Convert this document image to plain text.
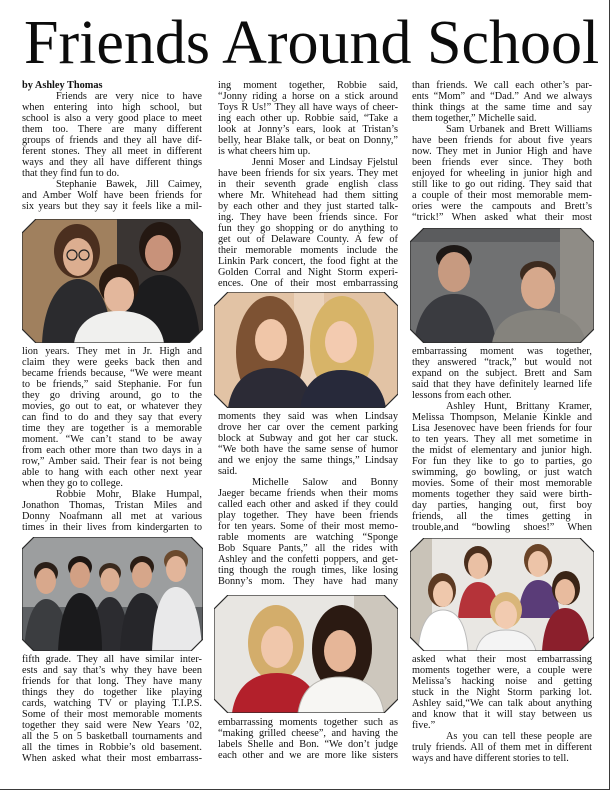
Friends Around School
by Ashley Thomas
Friends are very nice to have
when entering into high school, but
school is also a very good place to meet
them too. There are many different
groups of friends and they all have dif-
ferent stones. They all meet in different
ways and they all have different things
that they find fun to do.
Stephanie Bawek, Jill Caimey,
and Amber Wolf have been friends for
six years but they say it feels like a mil-
lion years. They met in Jr. High and
claim they were geeks back then and
became friends because, “We were meant
to be friends,” said Stephanie. For fun
they go driving around, go to the
movies, go out to eat, or whatever they
can find to do and they say that every
time they are together is a memorable
moment. “We can’t stand to be away
from each other more than two days in a
row,” Amber said. Their fear is not being
able to hang with each other next year
when they go to college.
Robbie Mohr, Blake Humpal,
Jonathon Thomas, Tristan Miles and
Donny Noafmann all met at various
times in their lives from kindergarten to
fifth grade. They all have similar inter-
ests and say that’s why they have been
friends for that long. They have many
things they do together like playing
cards, watching TV or playing T.I.P.S.
Some of their most memorable moments
together they said were New Years ’02,
all the 5 on 5 basketball tournaments and
all the times in Robbie’s old basement.
When asked what their most embarrass-
ing moment together, Robbie said,
“Jonny riding a horse on a stick around
Toys R Us!” They all have ways of cheer-
ing each other up. Robbie said, “Take a
look at Jonny’s ears, look at Tristan’s
belly, hear Blake talk, or beat on Donny,”
is what cheers him up.
Jenni Moser and Lindsay Fjelstul
have been friends for six years. They met
in their seventh grade english class
where Mr. Whitehead had them sitting
by each other and they just started talk-
ing. They have been friends since. For
fun they go shopping or do anything to
get out of Delaware County. A few of
their memorable moments include the
Linkin Park concert, the food fight at the
Golden Corral and Night Storm experi-
ences. One of their most embarrassing
moments they said was when Lindsay
drove her car over the cement parking
block at Subway and got her car stuck.
“We both have the same sense of humor
and we enjoy the same things,” Lindsay
said.
Michelle Salow and Bonny
Jaeger became friends when their moms
called each other and asked if they could
play together. They have been friends
for ten years. Some of their most memo-
rable moments are watching “Sponge
Bob Square Pants,” all the rides with
Ashley and the confetti poppers, and get-
ting though the rough times, like losing
Bonny’s mom. They have had many
embarrassing moments together such as
“making grilled cheese”, and having the
labels Shelle and Bon. “We don’t judge
each other and we are more like sisters
than friends. We call each other’s par-
ents “Mom” and “Dad.” And we always
think things at the same time and say
them together,” Michelle said.
Sam Urbanek and Brett Williams
have been friends for about five years
now. They met in Junior High and have
been friends ever since. They both
enjoyed for wheeling in junior high and
still like to go out riding. They said that
a couple of their most memorable mem-
ories were the campouts and Brett’s
“trick!” When asked what their most
embarrassing moment was together,
they answered “track,” but would not
expand on the subject. Brett and Sam
said that they have definitely learned life
lessons from each other.
Ashley Hunt, Brittany Kramer,
Melissa Thompson, Melanie Kinkle and
Lisa Jesenovec have been friends for four
to ten years. They all met sometime in
the midst of elementary and junior high.
For fun they like to go to parties, go
swimming, go bowling, or just watch
movies. Some of their most memorable
moments together they said were birth-
day parties, hanging out, first boy
friends, all the times getting in
trouble,and “bowling shoes!” When
asked what their most embarrassing
moments together were, a couple were
Melissa’s hacking noise and getting
stuck in the Night Storm parking lot.
Ashley said,“We can talk about anything
and know that it will stay between us
five.”
As you can tell these people are
truly friends. All of them met in different
ways and have different stories to tell.
